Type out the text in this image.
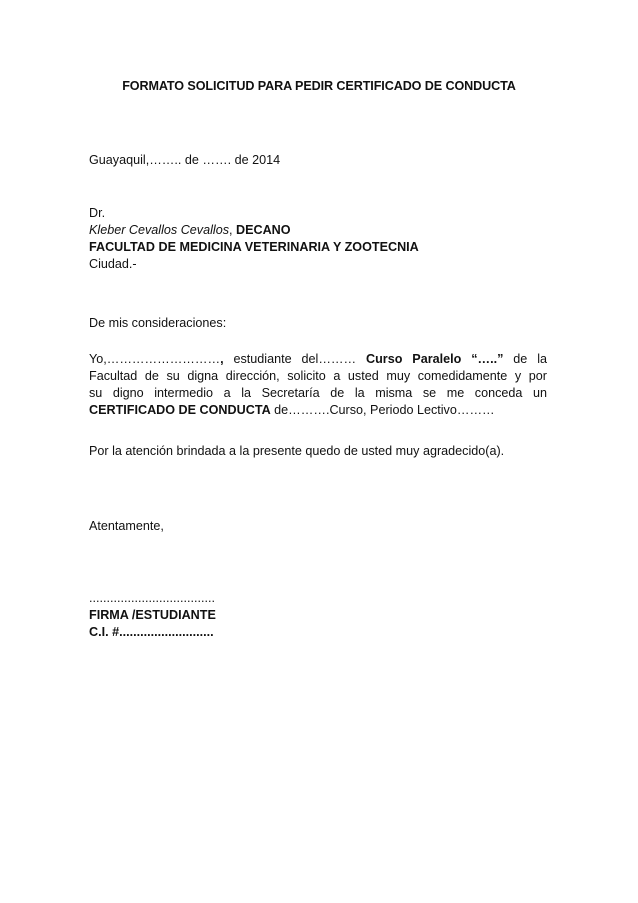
FORMATO SOLICITUD PARA PEDIR CERTIFICADO DE CONDUCTA
Guayaquil,…….. de ……. de 2014
Dr.
Kleber Cevallos Cevallos, DECANO
FACULTAD DE MEDICINA VETERINARIA Y ZOOTECNIA
Ciudad.-
De mis consideraciones:
Yo,………………………, estudiante del……… Curso Paralelo “…..” de la
Facultad de su digna dirección, solicito a usted muy comedidamente y por
su digno intermedio a la Secretaría de la misma se me conceda un
CERTIFICADO DE CONDUCTA de……….Curso, Periodo Lectivo………
Por la atención brindada a la presente quedo de usted muy agradecido(a).
Atentamente,
....................................
FIRMA /ESTUDIANTE
C.I. #...........................
